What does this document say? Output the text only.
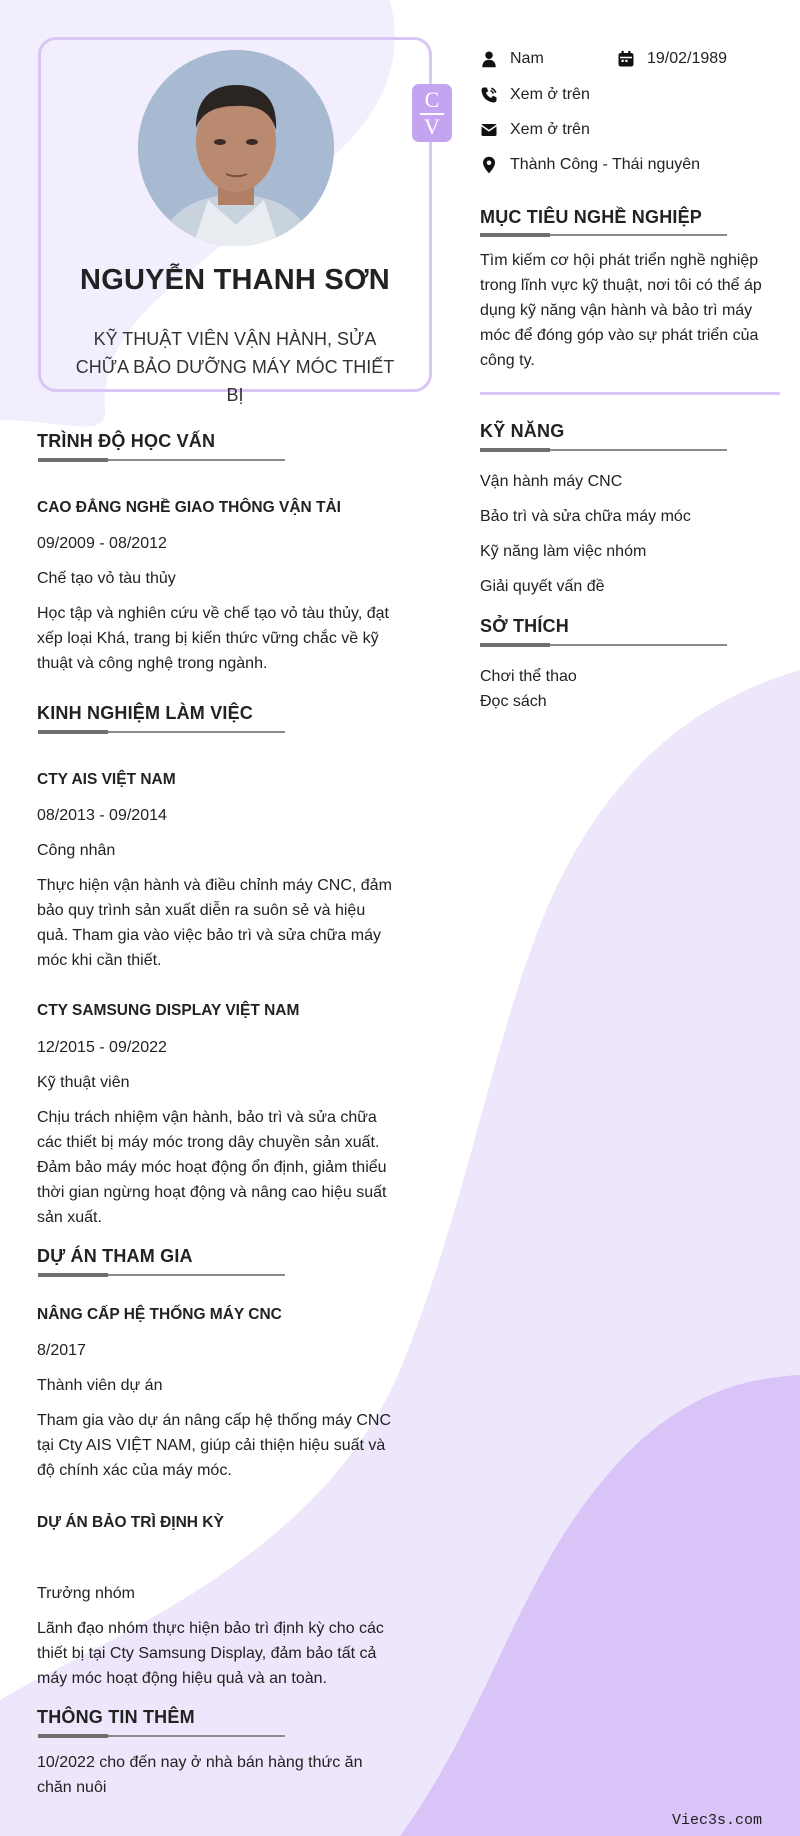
NGUYỄN THANH SƠN
KỸ THUẬT VIÊN VẬN HÀNH, SỬA CHỮA BẢO DƯỠNG MÁY MÓC THIẾT BỊ
C
V
Nam	19/02/1989
Xem ở trên
Xem ở trên
Thành Công - Thái nguyên
MỤC TIÊU NGHỀ NGHIỆP
Tìm kiếm cơ hội phát triển nghề nghiệp trong lĩnh vực kỹ thuật, nơi tôi có thể áp dụng kỹ năng vận hành và bảo trì máy móc để đóng góp vào sự phát triển của công ty.
KỸ NĂNG
Vận hành máy CNC
Bảo trì và sửa chữa máy móc
Kỹ năng làm việc nhóm
Giải quyết vấn đề
SỞ THÍCH
Chơi thể thao
Đọc sách
TRÌNH ĐỘ HỌC VẤN
CAO ĐẲNG NGHỀ GIAO THÔNG VẬN TẢI
09/2009 - 08/2012
Chế tạo vỏ tàu thủy
Học tập và nghiên cứu về chế tạo vỏ tàu thủy, đạt xếp loại Khá, trang bị kiến thức vững chắc về kỹ thuật và công nghệ trong ngành.
KINH NGHIỆM LÀM VIỆC
CTY AIS VIỆT NAM
08/2013 - 09/2014
Công nhân
Thực hiện vận hành và điều chỉnh máy CNC, đảm bảo quy trình sản xuất diễn ra suôn sẻ và hiệu quả. Tham gia vào việc bảo trì và sửa chữa máy móc khi cần thiết.
CTY SAMSUNG DISPLAY VIỆT NAM
12/2015 - 09/2022
Kỹ thuật viên
Chịu trách nhiệm vận hành, bảo trì và sửa chữa các thiết bị máy móc trong dây chuyền sản xuất. Đảm bảo máy móc hoạt động ổn định, giảm thiểu thời gian ngừng hoạt động và nâng cao hiệu suất sản xuất.
DỰ ÁN THAM GIA
NÂNG CẤP HỆ THỐNG MÁY CNC
8/2017
Thành viên dự án
Tham gia vào dự án nâng cấp hệ thống máy CNC tại Cty AIS VIỆT NAM, giúp cải thiện hiệu suất và độ chính xác của máy móc.
DỰ ÁN BẢO TRÌ ĐỊNH KỲ
Trưởng nhóm
Lãnh đạo nhóm thực hiện bảo trì định kỳ cho các thiết bị tại Cty Samsung Display, đảm bảo tất cả máy móc hoạt động hiệu quả và an toàn.
THÔNG TIN THÊM
10/2022 cho đến nay ở nhà bán hàng thức ăn chăn nuôi
Viec3s.com
